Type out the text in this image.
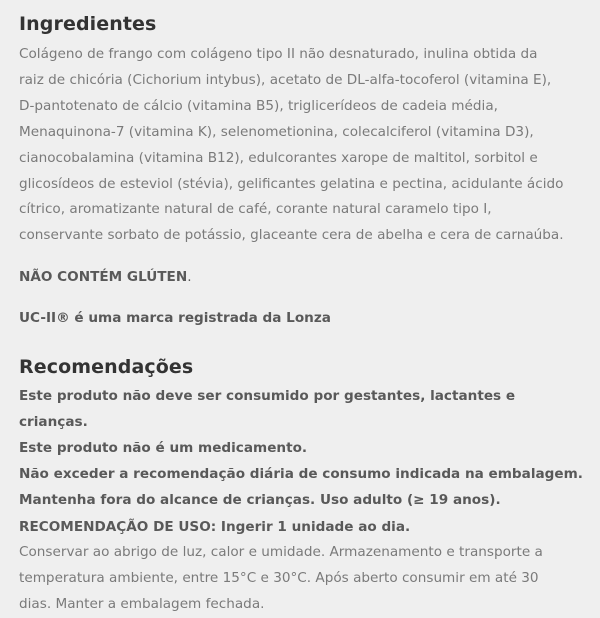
Ingredientes
Colágeno de frango com colágeno tipo II não desnaturado, inulina obtida da
raiz de chicória (Cichorium intybus), acetato de DL-alfa-tocoferol (vitamina E),
D-pantotenato de cálcio (vitamina B5), triglicerídeos de cadeia média,
Menaquinona-7 (vitamina K), selenometionina, colecalciferol (vitamina D3),
cianocobalamina (vitamina B12), edulcorantes xarope de maltitol, sorbitol e
glicosídeos de esteviol (stévia), gelificantes gelatina e pectina, acidulante ácido
cítrico, aromatizante natural de café, corante natural caramelo tipo I,
conservante sorbato de potássio, glaceante cera de abelha e cera de carnaúba.

NÃO CONTÉM GLÚTEN.

UC-II® é uma marca registrada da Lonza

Recomendações
Este produto não deve ser consumido por gestantes, lactantes e crianças.
Este produto não é um medicamento.
Não exceder a recomendação diária de consumo indicada na embalagem.
Mantenha fora do alcance de crianças. Uso adulto (≥ 19 anos).
RECOMENDAÇÃO DE USO: Ingerir 1 unidade ao dia.
Conservar ao abrigo de luz, calor e umidade. Armazenamento e transporte a
temperatura ambiente, entre 15°C e 30°C. Após aberto consumir em até 30
dias. Manter a embalagem fechada.
